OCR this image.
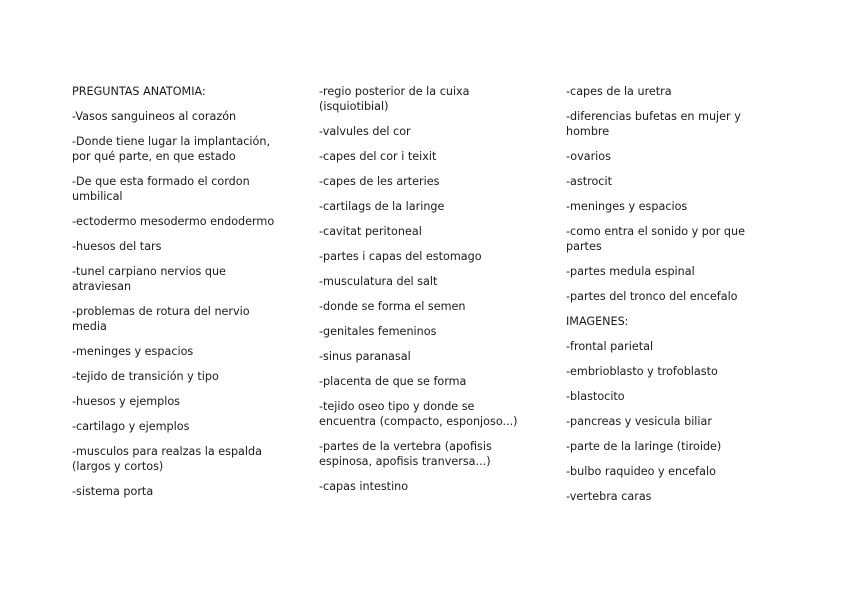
PREGUNTAS ANATOMIA:

-Vasos sanguineos al corazón

-Donde tiene lugar la implantación, por qué parte, en que estado

-De que esta formado el cordon umbilical

-ectodermo mesodermo endodermo

-huesos del tars

-tunel carpiano nervios que atraviesan

-problemas de rotura del nervio media

-meninges y espacios

-tejido de transición y tipo

-huesos y ejemplos

-cartilago y ejemplos

-musculos para realzas la espalda (largos y cortos)

-sistema porta

-regio posterior de la cuixa (isquiotibial)

-valvules del cor

-capes del cor i teixit

-capes de les arteries

-cartilags de la laringe

-cavitat peritoneal

-partes i capas del estomago

-musculatura del salt

-donde se forma el semen

-genitales femeninos

-sinus paranasal

-placenta de que se forma

-tejido oseo tipo y donde se encuentra (compacto, esponjoso...)

-partes de la vertebra (apofisis espinosa, apofisis tranversa...)

-capas intestino

-capes de la uretra

-diferencias bufetas en mujer y hombre

-ovarios

-astrocit

-meninges y espacios

-como entra el sonido y por que partes

-partes medula espinal

-partes del tronco del encefalo

IMAGENES:

-frontal parietal

-embrioblasto y trofoblasto

-blastocito

-pancreas y vesicula biliar

-parte de la laringe (tiroide)

-bulbo raquideo y encefalo

-vertebra caras
